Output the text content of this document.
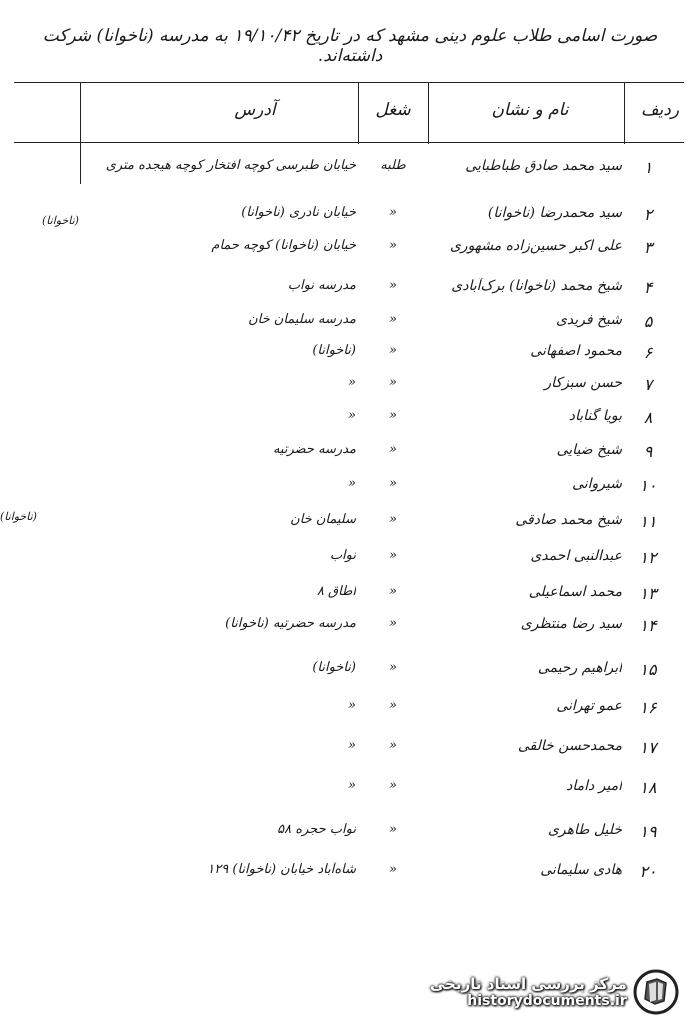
صورت اسامی طلاب علوم دینی مشهد که در تاریخ ۱۹/۱۰/۴۲ به مدرسه (ناخوانا) شرکت داشته‌اند.
ردیف
نام و نشان
شغل
آدرس
۱
سید محمد صادق طباطبایی
طلبه
خیابان طبرسی کوچه افتخار کوچه هیجده مترى
۲
سید محمدرضا (ناخوانا)
«
خیابان نادری (ناخوانا)
۳
علی اکبر حسین‌زاده مشهوری
«
خیابان (ناخوانا) کوچه حمام
۴
شیخ محمد (ناخوانا) برک‌آبادی
«
مدرسه نواب
۵
شیخ فریدی
«
مدرسه سلیمان خان
۶
محمود اصفهانی
«
(ناخوانا)
۷
حسن سبزکار
«
«
۸
بویا گناباد
«
«
۹
شیخ ضیایی
«
مدرسه حضرتیه
۱۰
شیروانی
«
«
۱۱
شیخ محمد صادقی
«
سلیمان خان
۱۲
عبدالنبی احمدی
«
نواب
۱۳
محمد اسماعیلی
«
اطاق ۸
۱۴
سید رضا منتظری
«
مدرسه حضرتیه (ناخوانا)
۱۵
ابراهیم رحیمی
«
(ناخوانا)
۱۶
عمو تهرانی
«
«
۱۷
محمدحسن خالقی
«
«
۱۸
امیر داماد
«
«
۱۹
خلیل طاهری
«
نواب حجره ۵۸
۲۰
هادی سلیمانی
«
شاه‌آباد خیابان (ناخوانا) ۱۲۹
(ناخوانا)
(ناخوانا)
مرکز بررسی اسناد تاریخی
historydocuments.ir
